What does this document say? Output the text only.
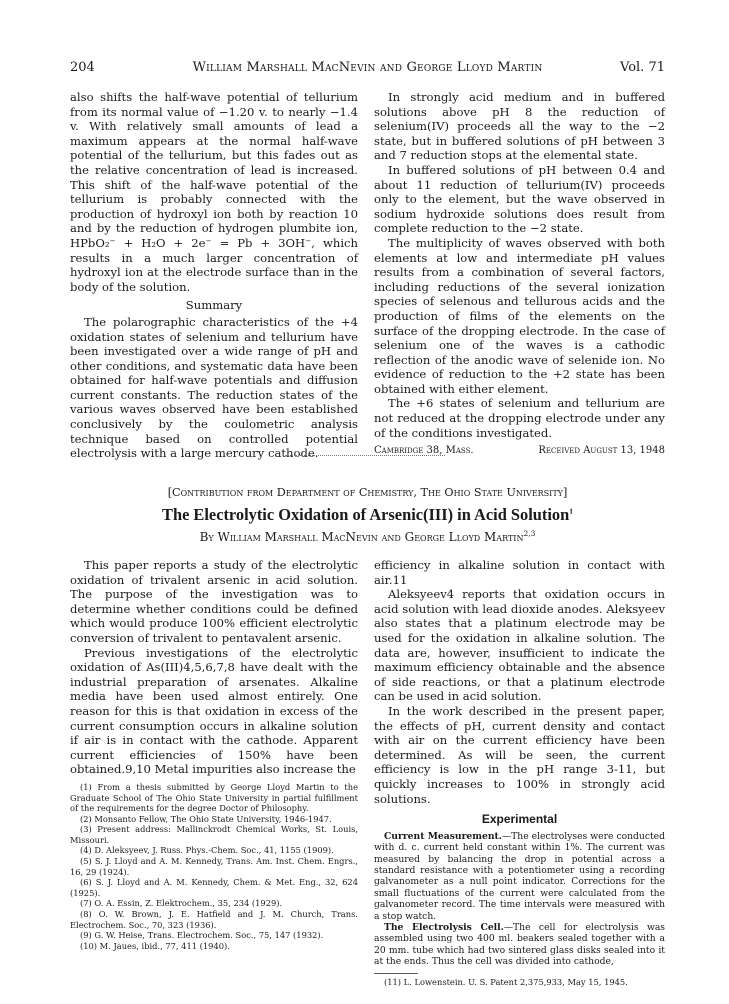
204	William Marshall MacNevin and George Lloyd Martin	Vol. 71

also shifts the half-wave potential of tellurium from its normal value of −1.20 v. to nearly −1.4 v. With relatively small amounts of lead a maximum appears at the normal half-wave potential of the tellurium, but this fades out as the relative concentration of lead is increased. This shift of the half-wave potential of the tellurium is probably connected with the production of hydroxyl ion both by reaction 10 and by the reduction of hydrogen plumbite ion, HPbO₂⁻ + H₂O + 2e⁻ = Pb + 3OH⁻, which results in a much larger concentration of hydroxyl ion at the electrode surface than in the body of the solution.

Summary

The polarographic characteristics of the +4 oxidation states of selenium and tellurium have been investigated over a wide range of pH and other conditions, and systematic data have been obtained for half-wave potentials and diffusion current constants. The reduction states of the various waves observed have been established conclusively by the coulometric analysis technique based on controlled potential electrolysis with a large mercury cathode.

In strongly acid medium and in buffered solutions above pH 8 the reduction of selenium(IV) proceeds all the way to the −2 state, but in buffered solutions of pH between 3 and 7 reduction stops at the elemental state.

In buffered solutions of pH between 0.4 and about 11 reduction of tellurium(IV) proceeds only to the element, but the wave observed in sodium hydroxide solutions does result from complete reduction to the −2 state.

The multiplicity of waves observed with both elements at low and intermediate pH values results from a combination of several factors, including reductions of the several ionization species of selenous and tellurous acids and the production of films of the elements on the surface of the dropping electrode. In the case of selenium one of the waves is a cathodic reflection of the anodic wave of selenide ion. No evidence of reduction to the +2 state has been obtained with either element.

The +6 states of selenium and tellurium are not reduced at the dropping electrode under any of the conditions investigated.

Cambridge 38, Mass.	Received August 13, 1948
[Contribution from Department of Chemistry, The Ohio State University]
The Electrolytic Oxidation of Arsenic(III) in Acid Solution$^1$
By William Marshall MacNevin and George Lloyd Martin$^{2,3}$

This paper reports a study of the electrolytic oxidation of trivalent arsenic in acid solution. The purpose of the investigation was to determine whether conditions could be defined which would produce 100% efficient electrolytic conversion of trivalent to pentavalent arsenic.

Previous investigations of the electrolytic oxidation of As(III)4,5,6,7,8 have dealt with the industrial preparation of arsenates. Alkaline media have been used almost entirely. One reason for this is that oxidation in excess of the current consumption occurs in alkaline solution if air is in contact with the cathode. Apparent current efficiencies of 150% have been obtained.9,10 Metal impurities also increase the

(1) From a thesis submitted by George Lloyd Martin to the Graduate School of The Ohio State University in partial fulfillment of the requirements for the degree Doctor of Philosophy.

(2) Monsanto Fellow, The Ohio State University, 1946-1947.

(3) Present address: Mallinckrodt Chemical Works, St. Louis, Missouri.

(4) D. Aleksyeev, J. Russ. Phys.-Chem. Soc., 41, 1155 (1909).

(5) S. J. Lloyd and A. M. Kennedy, Trans. Am. Inst. Chem. Engrs., 16, 29 (1924).

(6) S. J. Lloyd and A. M. Kennedy, Chem. & Met. Eng., 32, 624 (1925).

(7) O. A. Essin, Z. Elektrochem., 35, 234 (1929).

(8) O. W. Brown, J. E. Hatfield and J. M. Church, Trans. Electrochem. Soc., 70, 323 (1936).

(9) G. W. Heise, Trans. Electrochem. Soc., 75, 147 (1932).

(10) M. Jaues, ibid., 77, 411 (1940).

efficiency in alkaline solution in contact with air.11

Aleksyeev4 reports that oxidation occurs in acid solution with lead dioxide anodes. Aleksyeev also states that a platinum electrode may be used for the oxidation in alkaline solution. The data are, however, insufficient to indicate the maximum efficiency obtainable and the absence of side reactions, or that a platinum electrode can be used in acid solution.

In the work described in the present paper, the effects of pH, current density and contact with air on the current efficiency have been determined. As will be seen, the current efficiency is low in the pH range 3-11, but quickly increases to 100% in strongly acid solutions.

Experimental

Current Measurement.—The electrolyses were conducted with d. c. current held constant within 1%. The current was measured by balancing the drop in potential across a standard resistance with a potentiometer using a recording galvanometer as a null point indicator. Corrections for the small fluctuations of the current were calculated from the galvanometer record. The time intervals were measured with a stop watch.

The Electrolysis Cell.—The cell for electrolysis was assembled using two 400 ml. beakers sealed together with a 20 mm. tube which had two sintered glass disks sealed into it at the ends. Thus the cell was divided into cathode,

(11) L. Lowenstein. U. S. Patent 2,375,933, May 15, 1945.
